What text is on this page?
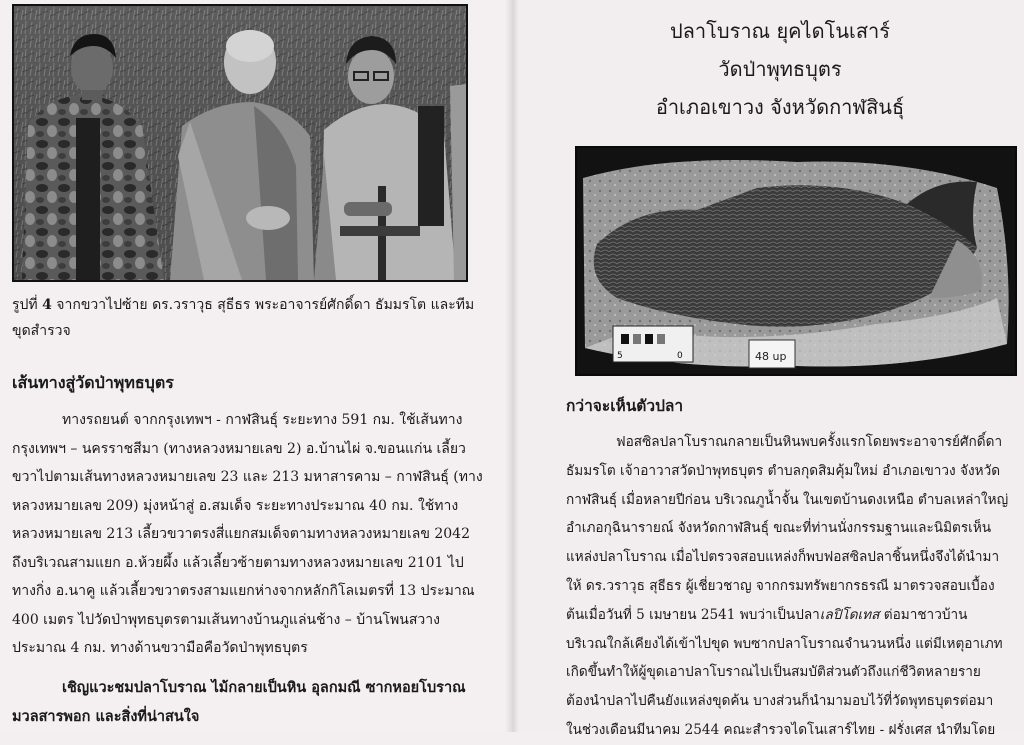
รูปที่ 4 จากขวาไปซ้าย ดร.วราวุธ สุธีธร พระอาจารย์ศักดิ์ดา ธัมมรโต และทีม
ขุดสำรวจ
เส้นทางสู่วัดป่าพุทธบุตร
ทางรถยนต์ จากกรุงเทพฯ - กาฬสินธุ์ ระยะทาง 591 กม. ใช้เส้นทาง
กรุงเทพฯ – นครราชสีมา (ทางหลวงหมายเลข 2) อ.บ้านไผ่ จ.ขอนแก่น เลี้ยว
ขวาไปตามเส้นทางหลวงหมายเลข 23 และ 213 มหาสารคาม – กาฬสินธุ์ (ทาง
หลวงหมายเลข 209) มุ่งหน้าสู่ อ.สมเด็จ ระยะทางประมาณ 40 กม. ใช้ทาง
หลวงหมายเลข 213 เลี้ยวขวาตรงสี่แยกสมเด็จตามทางหลวงหมายเลข 2042
ถึงบริเวณสามแยก อ.ห้วยผึ้ง แล้วเลี้ยวซ้ายตามทางหลวงหมายเลข 2101 ไป
ทางกิ่ง อ.นาคู แล้วเลี้ยวขวาตรงสามแยกห่างจากหลักกิโลเมตรที่ 13 ประมาณ
400 เมตร ไปวัดป่าพุทธบุตรตามเส้นทางบ้านภูแล่นช้าง – บ้านโพนสวาง
ประมาณ 4 กม. ทางด้านขวามือคือวัดป่าพุทธบุตร
เชิญแวะชมปลาโบราณ ไม้กลายเป็นหิน อุลกมณี ซากหอยโบราณ
มวลสารพอก และสิ่งที่น่าสนใจ
ปลาโบราณ ยุคไดโนเสาร์
วัดป่าพุทธบุตร
อำเภอเขาวง จังหวัดกาฬสินธุ์
5	0	48 up
กว่าจะเห็นตัวปลา
ฟอสซิลปลาโบราณกลายเป็นหินพบครั้งแรกโดยพระอาจารย์ศักดิ์ดา
ธัมมรโต เจ้าอาวาสวัดป่าพุทธบุตร ตำบลกุดสิมคุ้มใหม่ อำเภอเขาวง จังหวัด
กาฬสินธุ์ เมื่อหลายปีก่อน บริเวณภูน้ำจั้น ในเขตบ้านดงเหนือ ตำบลเหล่าใหญ่
อำเภอกุฉินารายณ์ จังหวัดกาฬสินธุ์ ขณะที่ท่านนั่งกรรมฐานและนิมิตรเห็น
แหล่งปลาโบราณ เมื่อไปตรวจสอบแหล่งก็พบฟอสซิลปลาชิ้นหนึ่งจึงได้นำมา
ให้ ดร.วราวุธ สุธีธร ผู้เชี่ยวชาญ จากกรมทรัพยากรธรณี มาตรวจสอบเบื้อง
ต้นเมื่อวันที่ 5 เมษายน 2541 พบว่าเป็นปลาเลปิโดเทส ต่อมาชาวบ้าน
บริเวณใกล้เคียงได้เข้าไปขุด พบซากปลาโบราณจำนวนหนึ่ง แต่มีเหตุอาเภท
เกิดขึ้นทำให้ผู้ขุดเอาปลาโบราณไปเป็นสมบัติส่วนตัวถึงแก่ชีวิตหลายราย
ต้องนำปลาไปคืนยังแหล่งขุดค้น บางส่วนก็นำมามอบไว้ที่วัดพุทธบุตรต่อมา
ในช่วงเดือนมีนาคม 2544 คณะสำรวจไดโนเสาร์ไทย - ฝรั่งเศส นำทีมโดย
